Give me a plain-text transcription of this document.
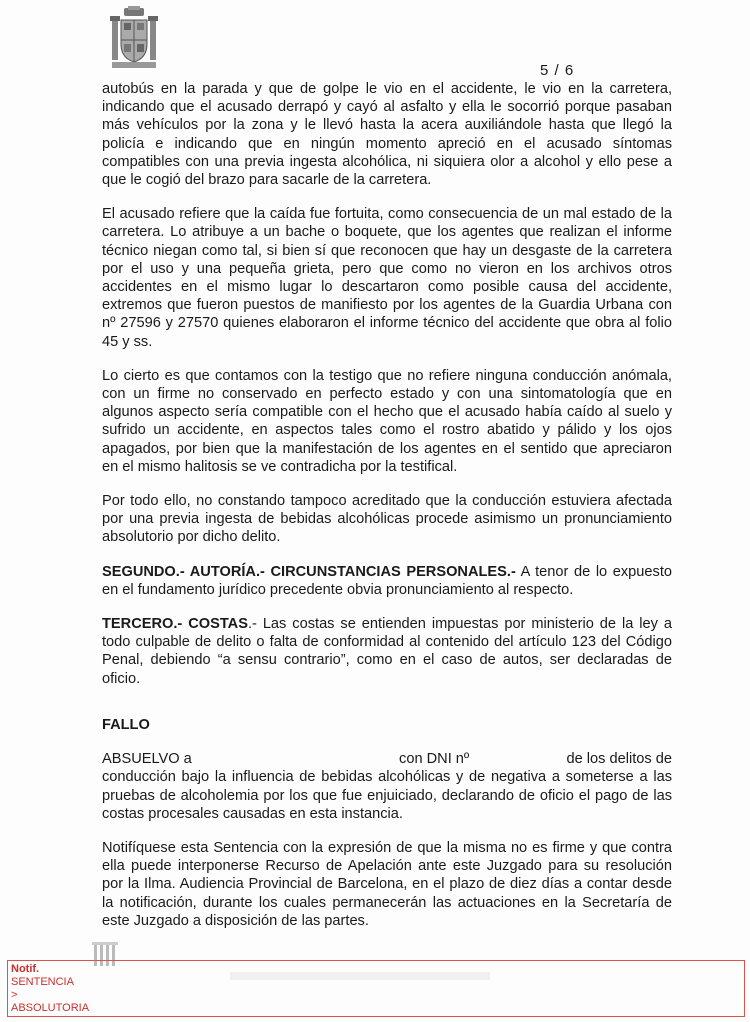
5 / 6

autobús en la parada y que de golpe le vio en el accidente, le vio en la carretera, indicando que el acusado derrapó y cayó al asfalto y ella le socorrió porque pasaban más vehículos por la zona y le llevó hasta la acera auxiliándole hasta que llegó la policía e indicando que en ningún momento apreció en el acusado síntomas compatibles con una previa ingesta alcohólica, ni siquiera olor a alcohol y ello pese a que le cogió del brazo para sacarle de la carretera.

El acusado refiere que la caída fue fortuita, como consecuencia de un mal estado de la carretera. Lo atribuye a un bache o boquete, que los agentes que realizan el informe técnico niegan como tal, si bien sí que reconocen que hay un desgaste de la carretera por el uso y una pequeña grieta, pero que como no vieron en los archivos otros accidentes en el mismo lugar lo descartaron como posible causa del accidente, extremos que fueron puestos de manifiesto por los agentes de la Guardia Urbana con nº 27596 y 27570 quienes elaboraron el informe técnico del accidente que obra al folio 45 y ss.

Lo cierto es que contamos con la testigo que no refiere ninguna conducción anómala, con un firme no conservado en perfecto estado y con una sintomatología que en algunos aspecto sería compatible con el hecho que el acusado había caído al suelo y sufrido un accidente, en aspectos tales como el rostro abatido y pálido y los ojos apagados, por bien que la manifestación de los agentes en el sentido que apreciaron en el mismo halitosis se ve contradicha por la testifical.

Por todo ello, no constando tampoco acreditado que la conducción estuviera afectada por una previa ingesta de bebidas alcohólicas procede asimismo un pronunciamiento absolutorio por dicho delito.

SEGUNDO.- AUTORÍA.- CIRCUNSTANCIAS PERSONALES.- A tenor de lo expuesto en el fundamento jurídico precedente obvia pronunciamiento al respecto.

TERCERO.- COSTAS.- Las costas se entienden impuestas por ministerio de la ley a todo culpable de delito o falta de conformidad al contenido del artículo 123 del Código Penal, debiendo “a sensu contrario”, como en el caso de autos, ser declaradas de oficio.

FALLO
ABSUELVO a	con DNI nº	de los delitos de
conducción bajo la influencia de bebidas alcohólicas y de negativa a someterse a las pruebas de alcoholemia por los que fue enjuiciado, declarando de oficio el pago de las costas procesales causadas en esta instancia.

Notifíquese esta Sentencia con la expresión de que la misma no es firme y que contra ella puede interponerse Recurso de Apelación ante este Juzgado para su resolución por la Ilma. Audiencia Provincial de Barcelona, en el plazo de diez días a contar desde la notificación, durante los cuales permanecerán las actuaciones en la Secretaría de este Juzgado a disposición de las partes.

Notif.
SENTENCIA
>
ABSOLUTORIA
